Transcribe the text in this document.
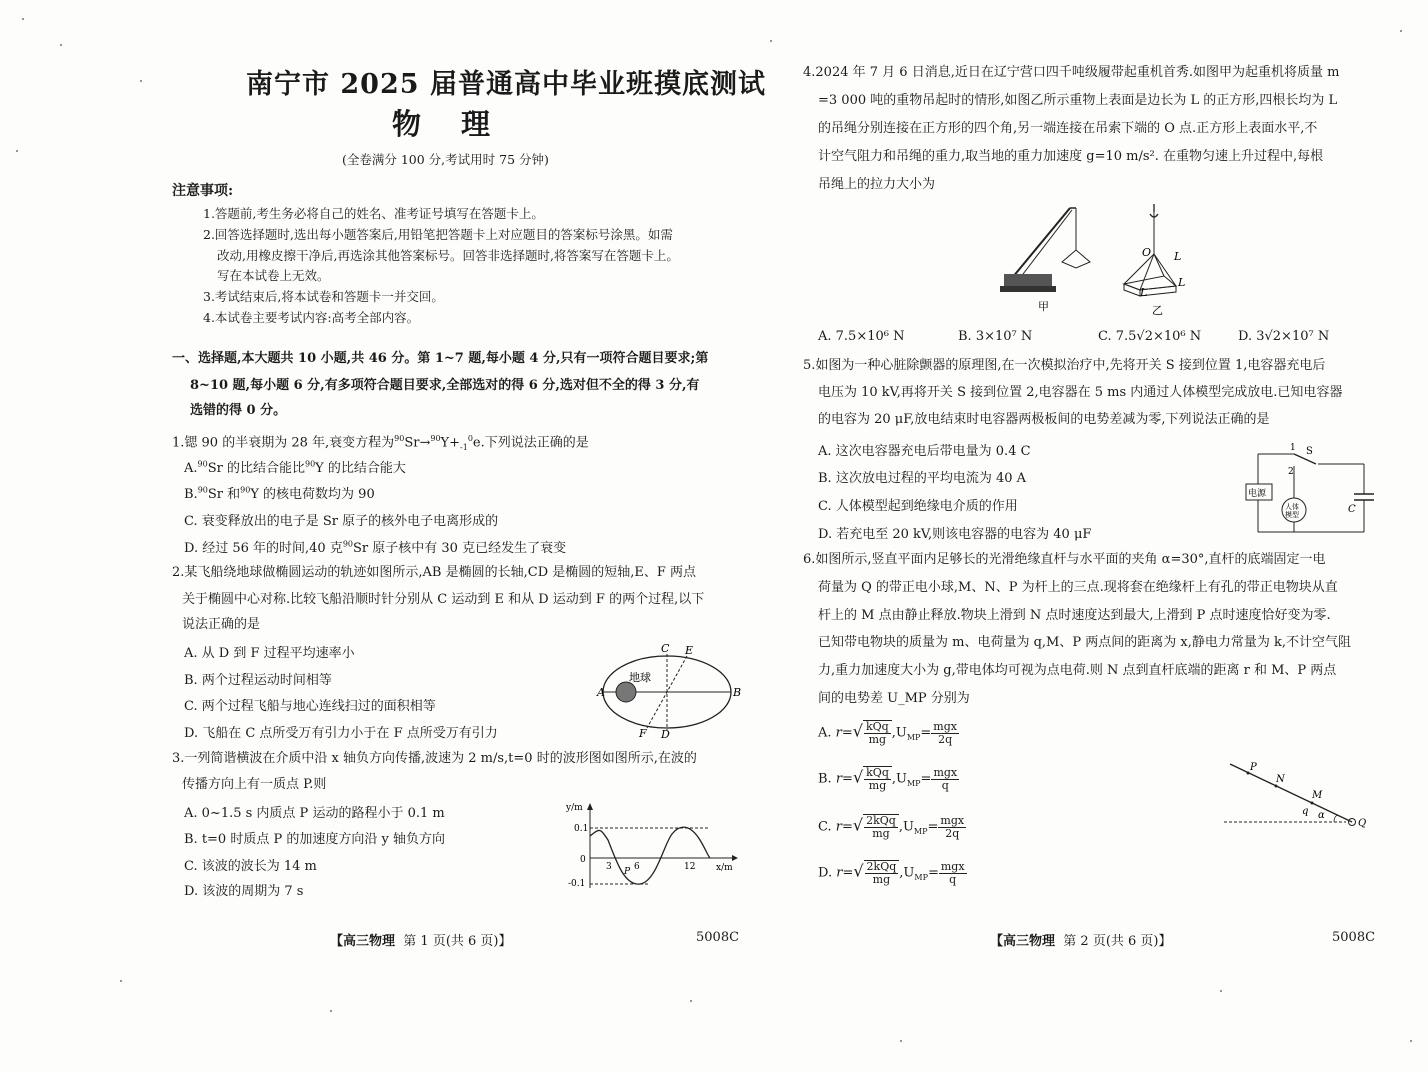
南宁市 2025 届普通高中毕业班摸底测试
物理
(全卷满分 100 分,考试用时 75 分钟)
注意事项:
1.答题前,考生务必将自己的姓名、准考证号填写在答题卡上。
2.回答选择题时,选出每小题答案后,用铅笔把答题卡上对应题目的答案标号涂黑。如需
改动,用橡皮擦干净后,再选涂其他答案标号。回答非选择题时,将答案写在答题卡上。
写在本试卷上无效。
3.考试结束后,将本试卷和答题卡一并交回。
4.本试卷主要考试内容:高考全部内容。
一、选择题,本大题共 10 小题,共 46 分。第 1~7 题,每小题 4 分,只有一项符合题目要求;第
8~10 题,每小题 6 分,有多项符合题目要求,全部选对的得 6 分,选对但不全的得 3 分,有
选错的得 0 分。
1.锶 90 的半衰期为 28 年,衰变方程为$^{90}Sr\to^{90}Y+_{-1}^0e$.下列说法正确的是
A.$^{90}$Sr 的比结合能比$^{90}$Y 的比结合能大
B.$^{90}$Sr 和$^{90}$Y 的核电荷数均为 90
C. 衰变释放出的电子是 Sr 原子的核外电子电离形成的
D. 经过 56 年的时间,40 克$^{90}$Sr 原子核中有 30 克已经发生了衰变
2.某飞船绕地球做椭圆运动的轨迹如图所示,AB 是椭圆的长轴,CD 是椭圆的短轴,E、F 两点
关于椭圆中心对称.比较飞船沿顺时针分别从 C 运动到 E 和从 D 运动到 F 的两个过程,以下
说法正确的是
A. 从 D 到 F 过程平均速率小
B. 两个过程运动时间相等
C. 两个过程飞船与地心连线扫过的面积相等
D. 飞船在 C 点所受万有引力小于在 F 点所受万有引力
地球
A	B
C E
F D
3.一列简谐横波在介质中沿 x 轴负方向传播,波速为 2 m/s,t=0 时的波形图如图所示,在波的
传播方向上有一质点 P.则
A. 0~1.5 s 内质点 P 运动的路程小于 0.1 m
B. t=0 时质点 P 的加速度方向沿 y 轴负方向
C. 该波的波长为 14 m
D. 该波的周期为 7 s
y/m
x/m
0.1
-0.1
0
3 6	12
P
【高三物理 第 1 页(共 6 页)】	5008C
4.2024 年 7 月 6 日消息,近日在辽宁营口四千吨级履带起重机首秀.如图甲为起重机将质量 m
=3 000 吨的重物吊起时的情形,如图乙所示重物上表面是边长为 L 的正方形,四根长均为 L
的吊绳分别连接在正方形的四个角,另一端连接在吊索下端的 O 点.正方形上表面水平,不
计空气阻力和吊绳的重力,取当地的重力加速度 g=10 m/s². 在重物匀速上升过程中,每根
吊绳上的拉力大小为
甲
O L
L
L
乙
A. 7.5×10⁶ N	B. 3×10⁷ N	C. 7.5√2×10⁶ N	D. 3√2×10⁷ N
5.如图为一种心脏除颤器的原理图,在一次模拟治疗中,先将开关 S 接到位置 1,电容器充电后
电压为 10 kV,再将开关 S 接到位置 2,电容器在 5 ms 内通过人体模型完成放电.已知电容器
的电容为 20 μF,放电结束时电容器两极板间的电势差减为零,下列说法正确的是
A. 这次电容器充电后带电量为 0.4 C
B. 这次放电过程的平均电流为 40 A
C. 人体模型起到绝缘电介质的作用
D. 若充电至 20 kV,则该电容器的电容为 40 μF
电源
人体
模型
1 S
2
C
6.如图所示,竖直平面内足够长的光滑绝缘直杆与水平面的夹角 α=30°,直杆的底端固定一电
荷量为 Q 的带正电小球,M、N、P 为杆上的三点.现将套在绝缘杆上有孔的带正电物块从直
杆上的 M 点由静止释放.物块上滑到 N 点时速度达到最大,上滑到 P 点时速度恰好变为零.
已知带电物块的质量为 m、电荷量为 q,M、P 两点间的距离为 x,静电力常量为 k,不计空气阻
力,重力加速度大小为 g,带电体均可视为点电荷.则 N 点到直杆底端的距离 r 和 M、P 两点
间的电势差 U_MP 分别为
A. $r=√ \frac{\text{kQq}}{mg} ,U_{MP}= \frac{\text{mgx}}{2q}$
B. $r=√ \frac{\text{kQq}}{mg} ,U_{MP}= \frac{\text{mgx}}{q}$
C. $r=√ \frac{\text{2kQq}}{mg} ,U_{MP}= \frac{\text{mgx}}{2q}$
D. $r=√ \frac{\text{2kQq}}{mg} ,U_{MP}= \frac{\text{mgx}}{q}$
P
N
M
q α
Q
【高三物理 第 2 页(共 6 页)】	5008C
